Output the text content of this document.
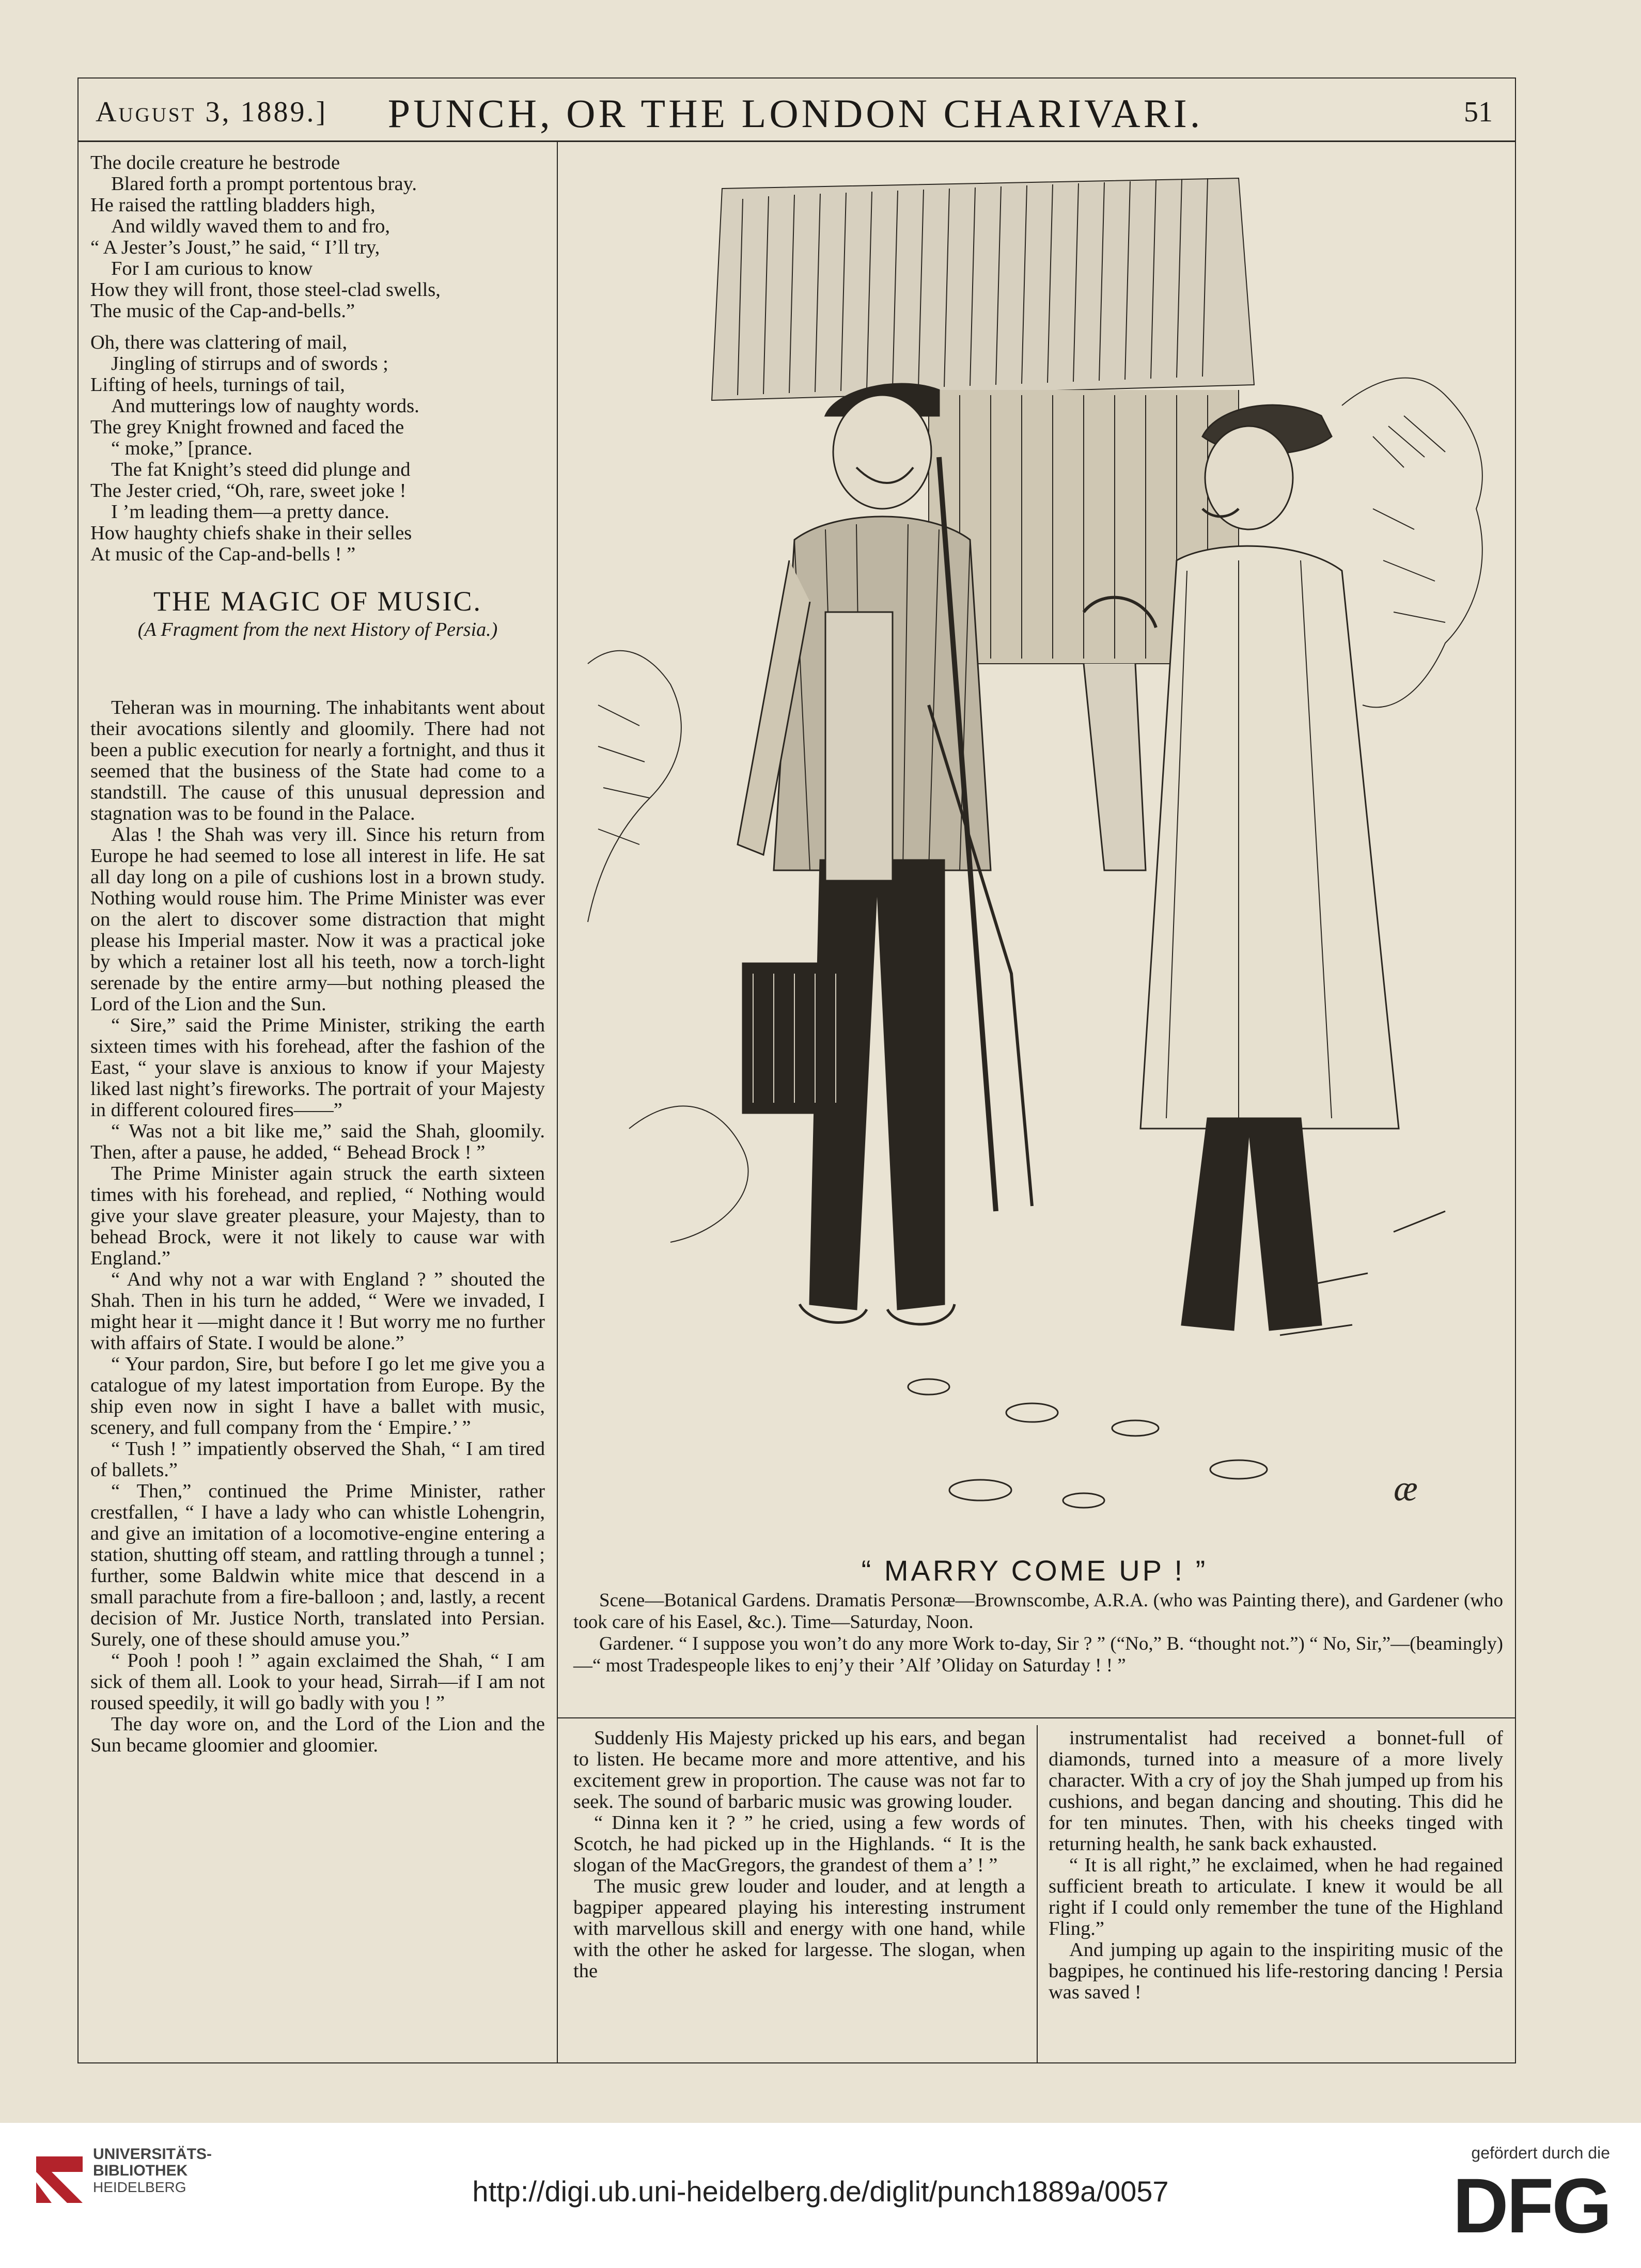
August 3, 1889.]	PUNCH, OR THE LONDON CHARIVARI.	51

The docile creature he bestrode

Blared forth a prompt portentous bray.

He raised the rattling bladders high,

And wildly waved them to and fro,

“ A Jester’s Joust,” he said, “ I’ll try,

For I am curious to know

How they will front, those steel-clad swells,

The music of the Cap-and-bells.”

Oh, there was clattering of mail,

Jingling of stirrups and of swords ;

Lifting of heels, turnings of tail,

And mutterings low of naughty words.

The grey Knight frowned and faced the

“ moke,” [prance.

The fat Knight’s steed did plunge and

The Jester cried, “Oh, rare, sweet joke !

I ’m leading them—a pretty dance.

How haughty chiefs shake in their selles

At music of the Cap-and-bells ! ”

THE MAGIC OF MUSIC.
(A Fragment from the next History of Persia.)

Teheran was in mourning. The inhabitants went about their avocations silently and gloomily. There had not been a public execution for nearly a fortnight, and thus it seemed that the business of the State had come to a standstill. The cause of this unusual depression and stagnation was to be found in the Palace.

Alas ! the Shah was very ill. Since his return from Europe he had seemed to lose all interest in life. He sat all day long on a pile of cushions lost in a brown study. Nothing would rouse him. The Prime Minister was ever on the alert to discover some distraction that might please his Imperial master. Now it was a practical joke by which a retainer lost all his teeth, now a torch-light serenade by the entire army—but nothing pleased the Lord of the Lion and the Sun.

“ Sire,” said the Prime Minister, striking the earth sixteen times with his forehead, after the fashion of the East, “ your slave is anxious to know if your Majesty liked last night’s fireworks. The portrait of your Majesty in different coloured fires——”

“ Was not a bit like me,” said the Shah, gloomily. Then, after a pause, he added, “ Behead Brock ! ”

The Prime Minister again struck the earth sixteen times with his forehead, and replied, “ Nothing would give your slave greater pleasure, your Majesty, than to behead Brock, were it not likely to cause war with England.”

“ And why not a war with England ? ” shouted the Shah. Then in his turn he added, “ Were we invaded, I might hear it —might dance it ! But worry me no further with affairs of State. I would be alone.”

“ Your pardon, Sire, but before I go let me give you a catalogue of my latest importation from Europe. By the ship even now in sight I have a ballet with music, scenery, and full company from the ‘ Empire.’ ”

“ Tush ! ” impatiently observed the Shah, “ I am tired of ballets.”

“ Then,” continued the Prime Minister, rather crestfallen, “ I have a lady who can whistle Lohengrin, and give an imitation of a locomotive-engine entering a station, shutting off steam, and rattling through a tunnel ; further, some Baldwin white mice that descend in a small parachute from a fire-balloon ; and, lastly, a recent decision of Mr. Justice North, translated into Persian. Surely, one of these should amuse you.”

“ Pooh ! pooh ! ” again exclaimed the Shah, “ I am sick of them all. Look to your head, Sirrah—if I am not roused speedily, it will go badly with you ! ”

The day wore on, and the Lord of the Lion and the Sun became gloomier and gloomier.

æ
“ MARRY COME UP ! ”

Scene—Botanical Gardens. Dramatis Personæ—Brownscombe, A.R.A. (who was Painting there), and Gardener (who took care of his Easel, &c.). Time—Saturday, Noon.

Gardener. “ I suppose you won’t do any more Work to-day, Sir ? ” (“No,” B. “thought not.”) “ No, Sir,”—(beamingly)—“ most Tradespeople likes to enj’y their ’Alf ’Oliday on Saturday ! ! ”

Suddenly His Majesty pricked up his ears, and began to listen. He became more and more attentive, and his excitement grew in proportion. The cause was not far to seek. The sound of barbaric music was growing louder.

“ Dinna ken it ? ” he cried, using a few words of Scotch, he had picked up in the Highlands. “ It is the slogan of the MacGregors, the grandest of them a’ ! ”

The music grew louder and louder, and at length a bagpiper appeared playing his interesting instrument with marvellous skill and energy with one hand, while with the other he asked for largesse. The slogan, when the

instrumentalist had received a bonnet-full of diamonds, turned into a measure of a more lively character. With a cry of joy the Shah jumped up from his cushions, and began dancing and shouting. This did he for ten minutes. Then, with his cheeks tinged with returning health, he sank back exhausted.

“ It is all right,” he exclaimed, when he had regained sufficient breath to articulate. I knew it would be all right if I could only remember the tune of the Highland Fling.”

And jumping up again to the inspiriting music of the bagpipes, he continued his life-restoring dancing ! Persia was saved !

UNIVERSITÄTS-
BIBLIOTHEK
HEIDELBERG	http://digi.ub.uni-heidelberg.de/diglit/punch1889a/0057
gefördert durch die
DFG
